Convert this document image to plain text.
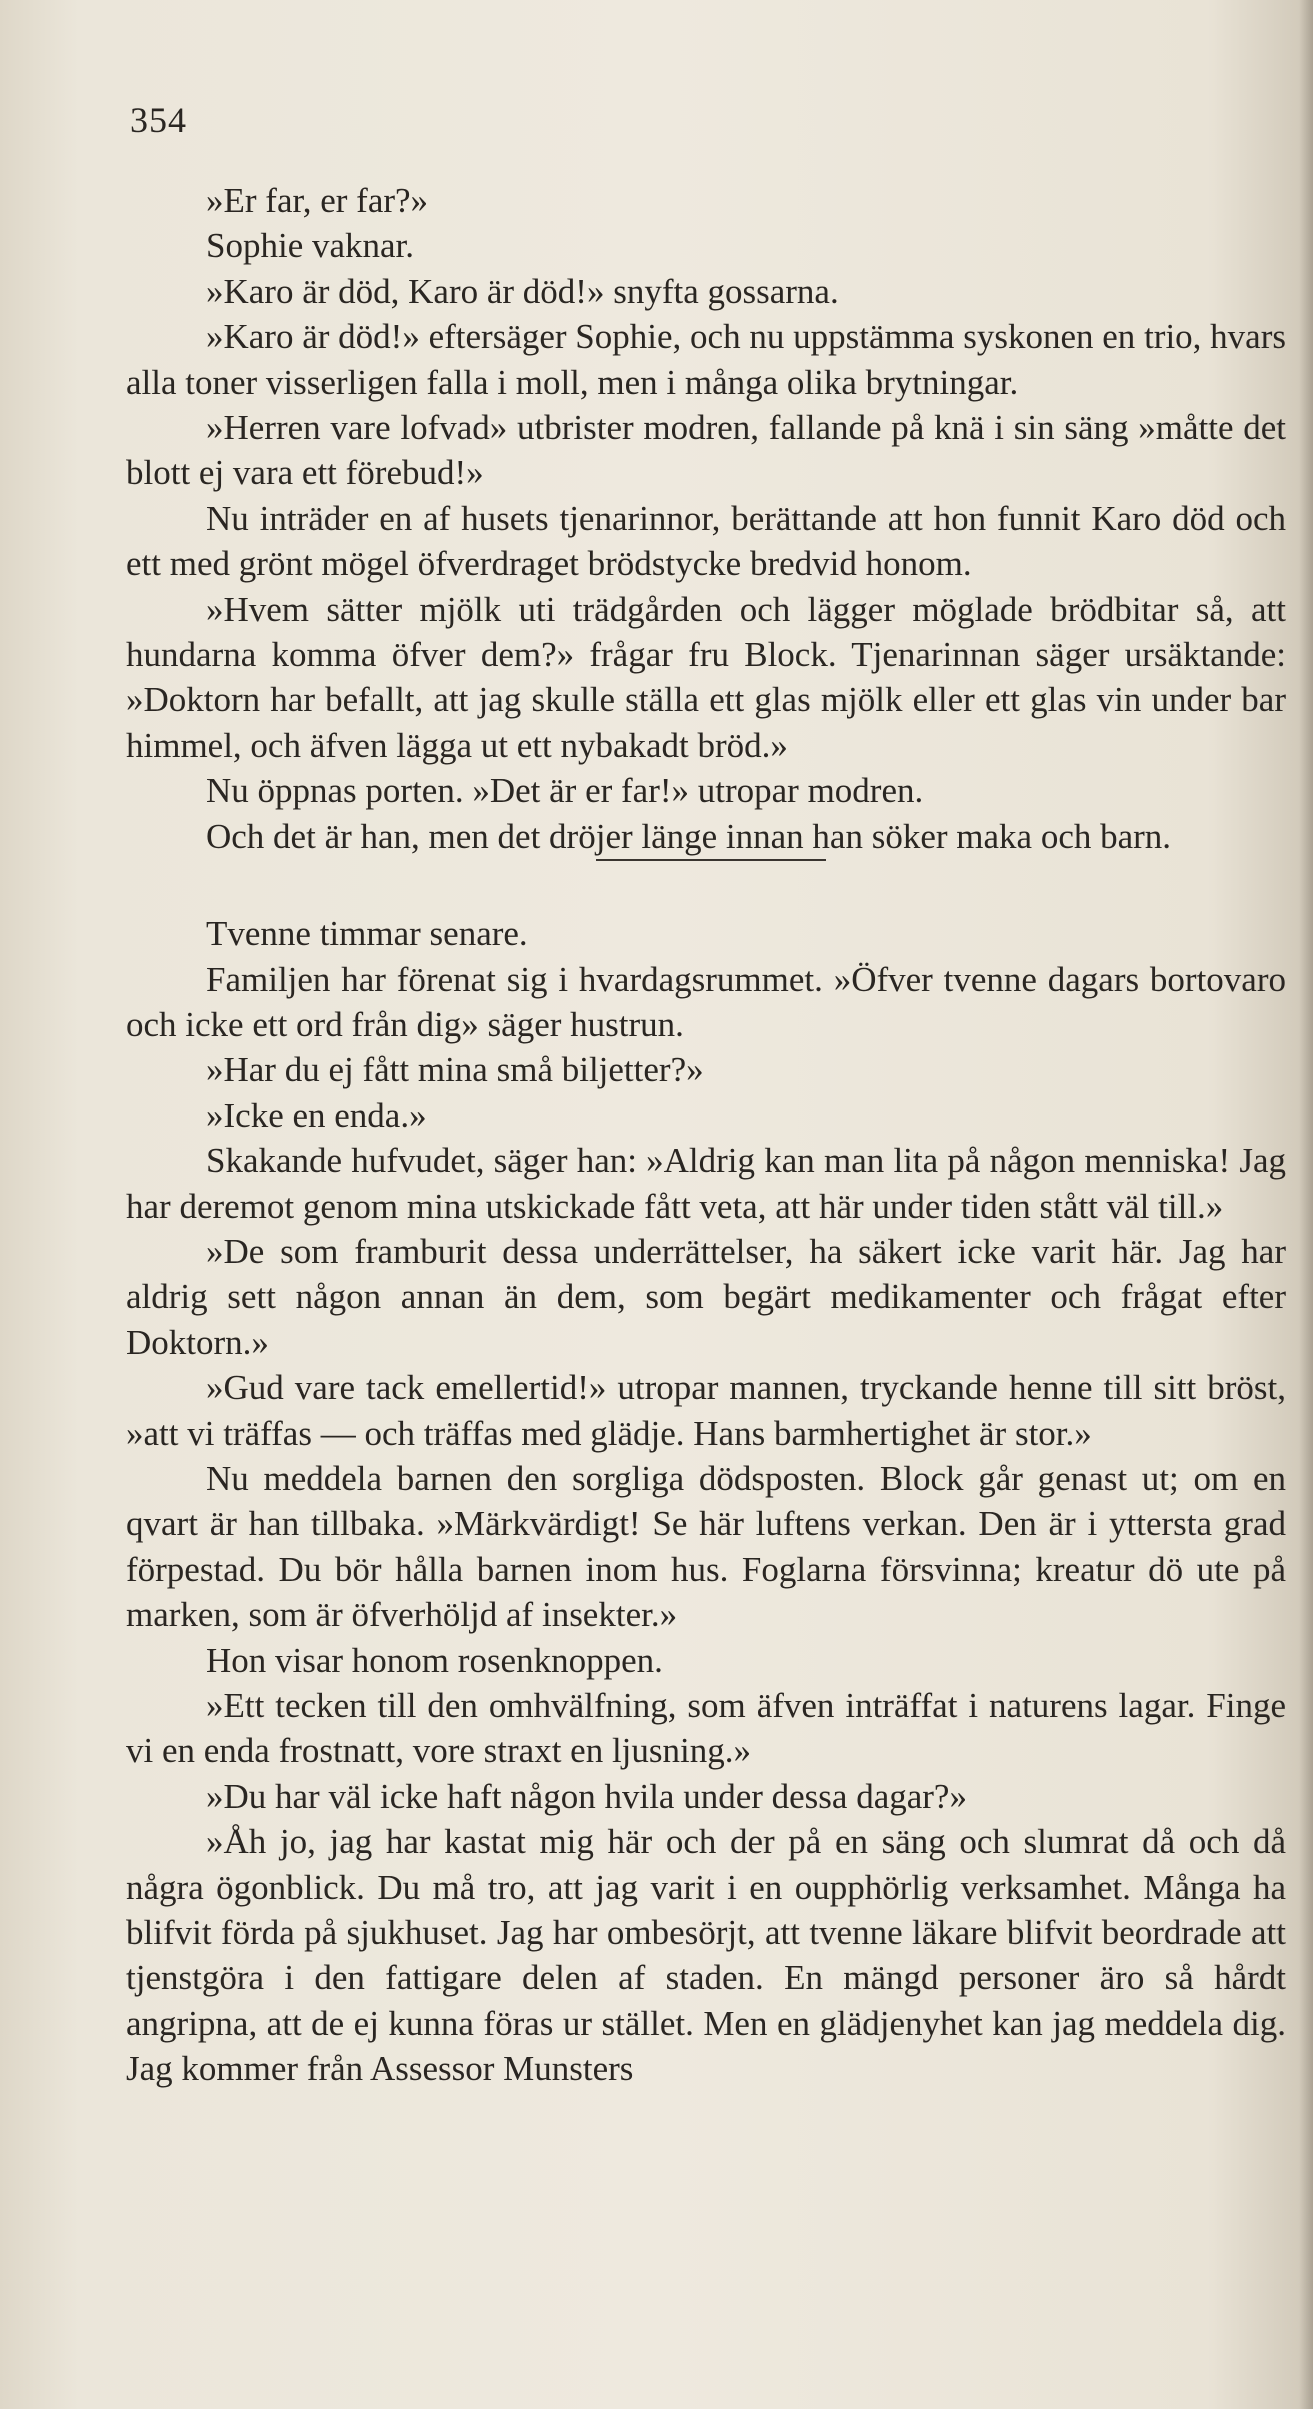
354

»Er far, er far?»

Sophie vaknar.

»Karo är död, Karo är död!» snyfta gossarna.

»Karo är död!» eftersäger Sophie, och nu uppstämma syskonen en trio, hvars alla toner visserligen falla i moll, men i många olika brytningar.

»Herren vare lofvad» utbrister modren, fallande på knä i sin säng »måtte det blott ej vara ett förebud!»

Nu inträder en af husets tjenarinnor, berättande att hon funnit Karo död och ett med grönt mögel öfverdraget brödstycke bredvid honom.

»Hvem sätter mjölk uti trädgården och lägger möglade brödbitar så, att hundarna komma öfver dem?» frågar fru Block. Tjenarinnan säger ursäktande: »Doktorn har befallt, att jag skulle ställa ett glas mjölk eller ett glas vin under bar himmel, och äfven lägga ut ett nybakadt bröd.»

Nu öppnas porten. »Det är er far!» utropar modren.

Och det är han, men det dröjer länge innan han söker maka och barn.

Tvenne timmar senare.

Familjen har förenat sig i hvardagsrummet. »Öfver tvenne dagars bortovaro och icke ett ord från dig» säger hustrun.

»Har du ej fått mina små biljetter?»

»Icke en enda.»

Skakande hufvudet, säger han: »Aldrig kan man lita på någon menniska! Jag har deremot genom mina utskickade fått veta, att här under tiden stått väl till.»

»De som framburit dessa underrättelser, ha säkert icke varit här. Jag har aldrig sett någon annan än dem, som begärt medikamenter och frågat efter Doktorn.»

»Gud vare tack emellertid!» utropar mannen, tryckande henne till sitt bröst, »att vi träffas — och träffas med glädje. Hans barmhertighet är stor.»

Nu meddela barnen den sorgliga dödsposten. Block går genast ut; om en qvart är han tillbaka. »Märkvärdigt! Se här luftens verkan. Den är i yttersta grad förpestad. Du bör hålla barnen inom hus. Foglarna försvinna; kreatur dö ute på marken, som är öfverhöljd af insekter.»

Hon visar honom rosenknoppen.

»Ett tecken till den omhvälfning, som äfven inträffat i naturens lagar. Finge vi en enda frostnatt, vore straxt en ljusning.»

»Du har väl icke haft någon hvila under dessa dagar?»

»Åh jo, jag har kastat mig här och der på en säng och slumrat då och då några ögonblick. Du må tro, att jag varit i en oupphörlig verksamhet. Många ha blifvit förda på sjukhuset. Jag har ombesörjt, att tvenne läkare blifvit beordrade att tjenstgöra i den fattigare delen af staden. En mängd personer äro så hårdt angripna, att de ej kunna föras ur stället. Men en glädjenyhet kan jag meddela dig. Jag kommer från Assessor Munsters
